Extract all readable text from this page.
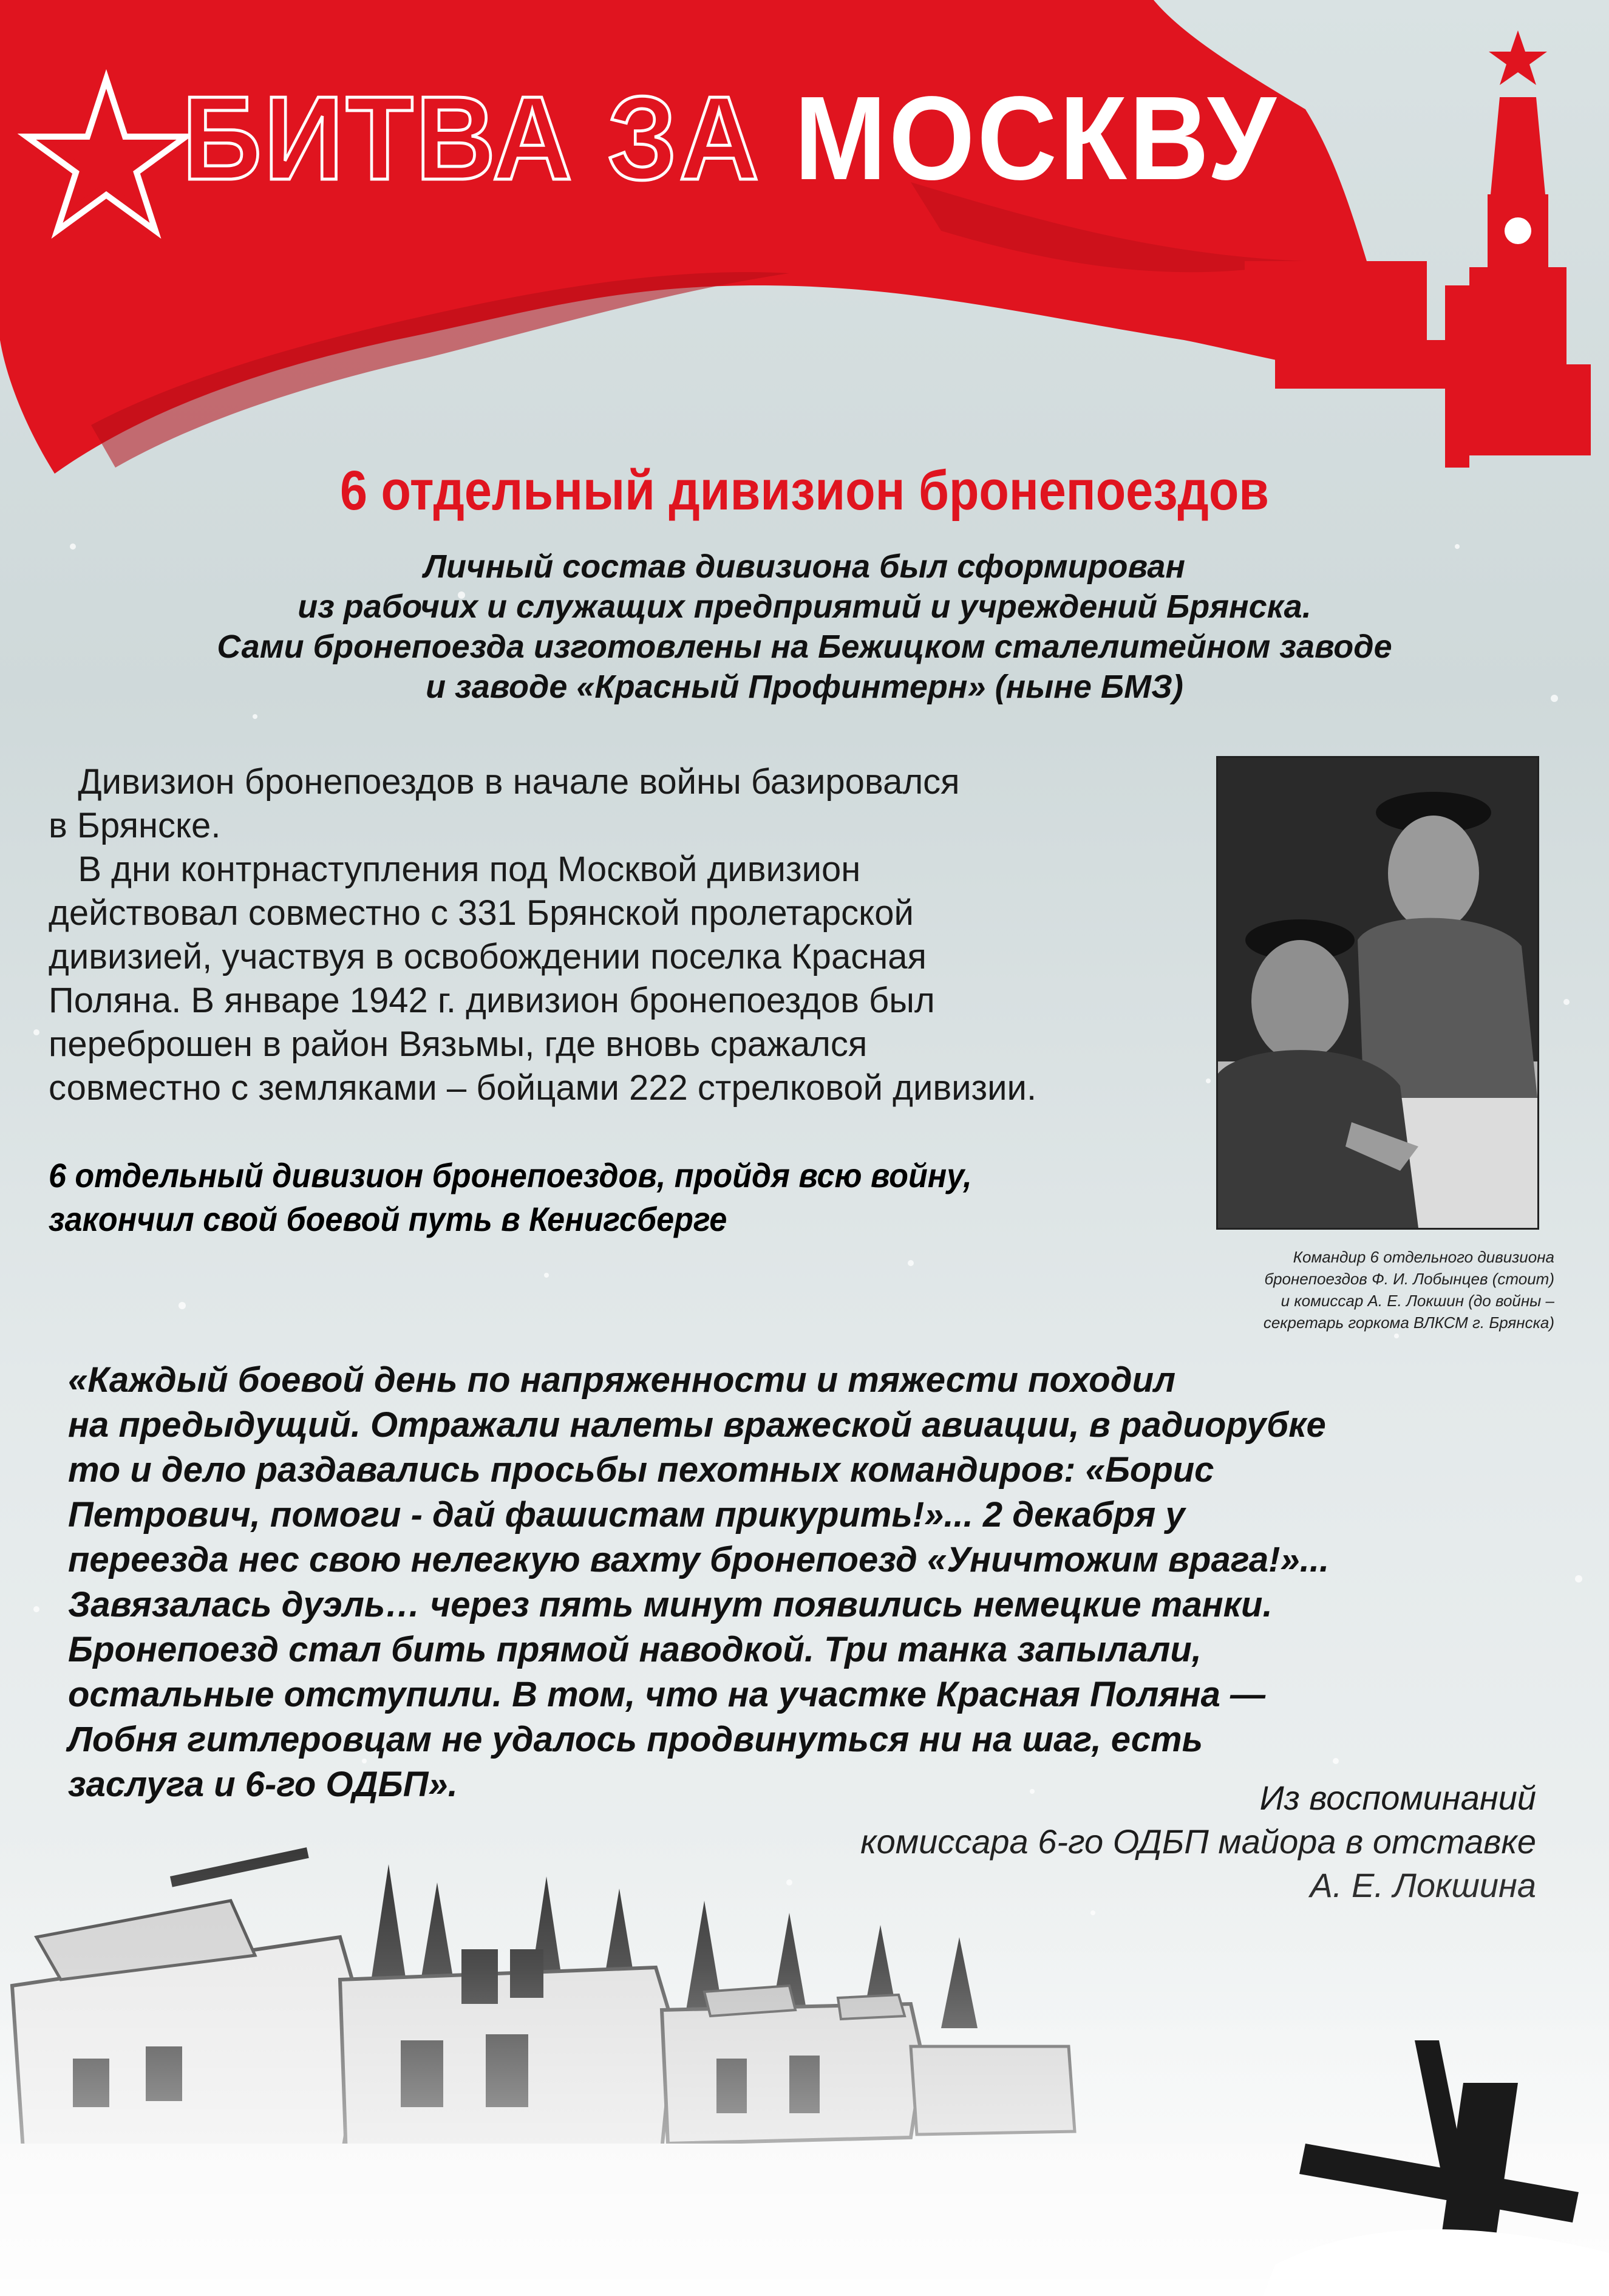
БИТВА ЗА МОСКВУ
6 отдельный дивизион бронепоездов
Личный состав дивизиона был сформирован
из рабочих и служащих предприятий и учреждений Брянска.
Сами бронепоезда изготовлены на Бежицком сталелитейном заводе
и заводе «Красный Профинтерн» (ныне БМЗ)
Дивизион бронепоездов в начале войны базировался
в Брянске.
В дни контрнаступления под Москвой дивизион
действовал совместно с 331 Брянской пролетарской
дивизией, участвуя в освобождении поселка Красная
Поляна. В январе 1942 г. дивизион бронепоездов был
переброшен в район Вязьмы, где вновь сражался
совместно с земляками – бойцами 222 стрелковой дивизии.
6 отдельный дивизион бронепоездов, пройдя всю войну,
закончил свой боевой путь в Кенигсберге
Командир 6 отдельного дивизиона
бронепоездов Ф. И. Лобынцев (стоит)
и комиссар А. Е. Локшин (до войны –
секретарь горкома ВЛКСМ г. Брянска)
«Каждый боевой день по напряженности и тяжести походил
на предыдущий. Отражали налеты вражеской авиации, в радиорубке
то и дело раздавались просьбы пехотных командиров: «Борис
Петрович, помоги - дай фашистам прикурить!»... 2 декабря у
переезда нес свою нелегкую вахту бронепоезд «Уничтожим врага!»...
Завязалась дуэль… через пять минут появились немецкие танки.
Бронепоезд стал бить прямой наводкой. Три танка запылали,
остальные отступили. В том, что на участке Красная Поляна —
Лобня гитлеровцам не удалось продвинуться ни на шаг, есть
заслуга и 6-го ОДБП».	Из воспоминаний
